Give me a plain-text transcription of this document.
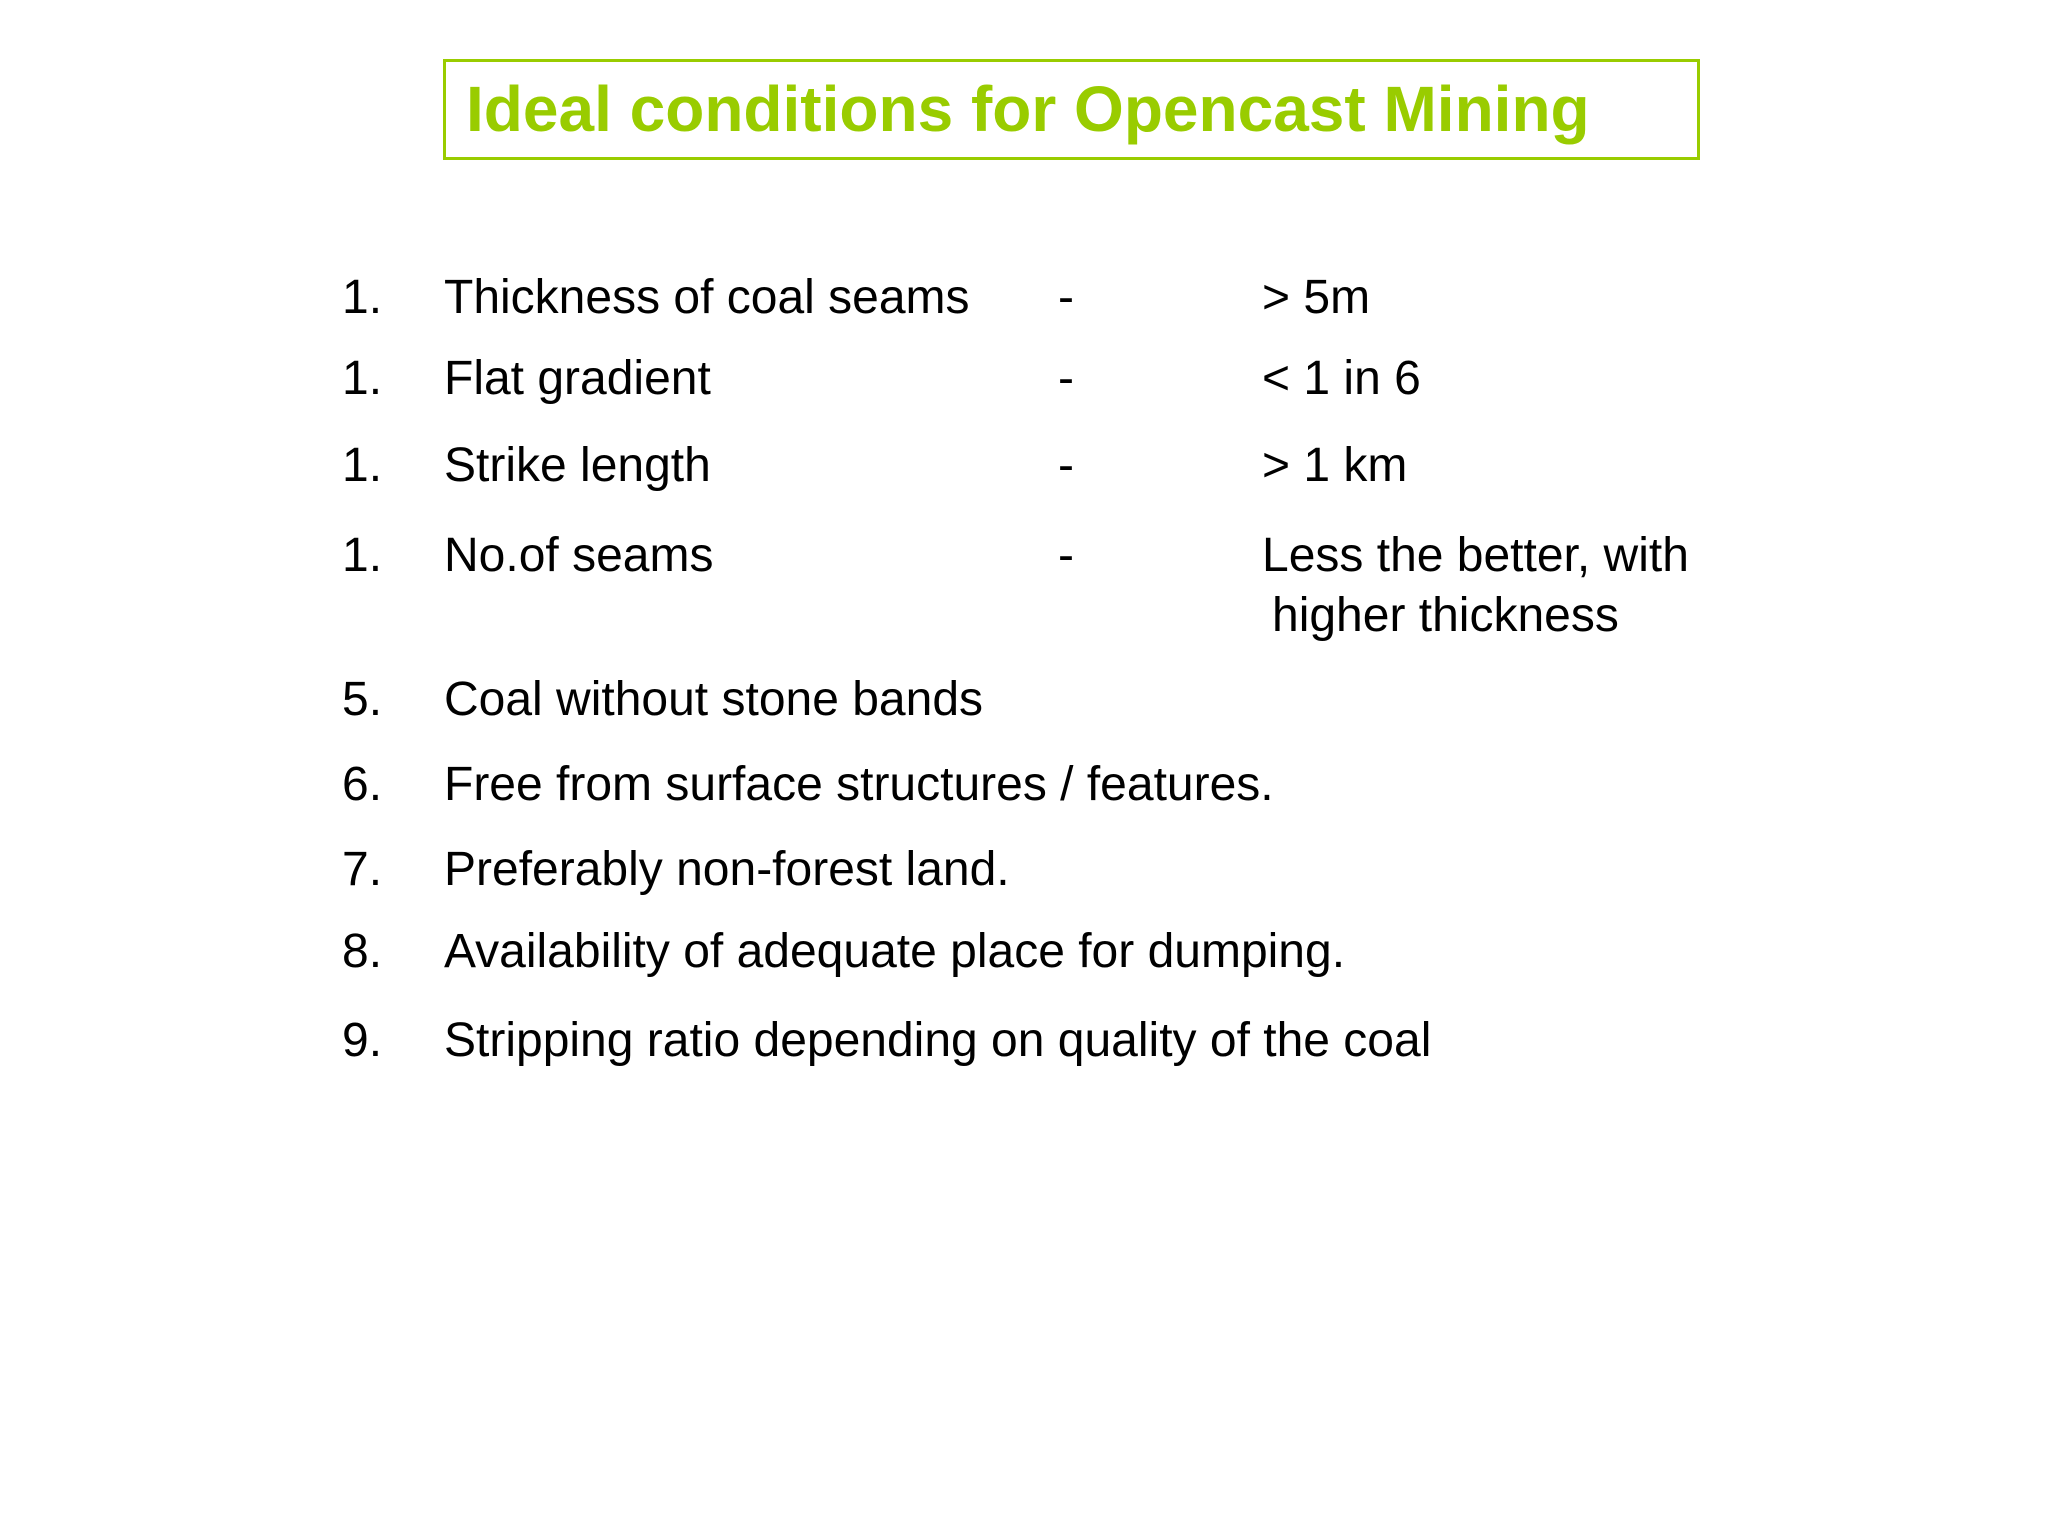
Ideal conditions for Opencast Mining
1. Thickness of coal seams -	> 5m
1. Flat gradient	-	< 1 in 6
1. Strike length	-	> 1 km
1. No.of seams	-	Less the better, with
higher thickness
5. Coal without stone bands
6. Free from surface structures / features.
7. Preferably non-forest land.
8. Availability of adequate place for dumping.
9. Stripping ratio depending on quality of the coal
